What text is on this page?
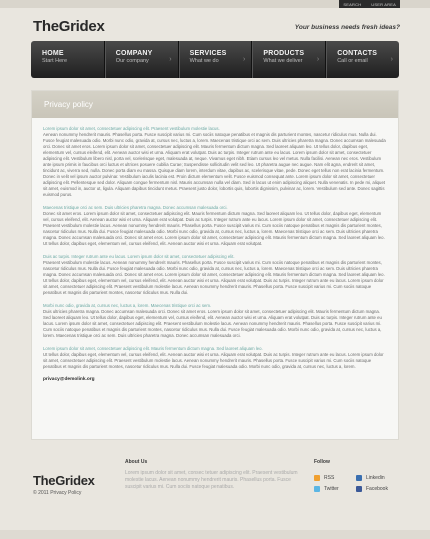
SEARCH	USER AREA
TheGridex	Your business needs fresh ideas?
HOME
Start Here
COMPANY
Our company	›
SERVICES
What we do	›
PRODUCTS
What we deliver	›
CONTACTS
Call or email	›
Privacy policy
Lorem ipsum dolor sit amet, consectetuer adipiscing elit. Praesent vestibulum molestie lacus.

Aenean nonummy hendrerit mauris. Phasellus porta. Fusce suscipit varius mi. Cum sociis natoque penatibus et magnis dis parturient montes, nascetur ridiculus mus. Nulla dui. Fusce feugiat malesuada odio. Morbi nunc odio, gravida at, cursus nec, luctus a, lorem. Maecenas tristique orci ac sem. Duis ultricies pharetra magna. Donec accumsan malesuada orci. Donec sit amet eros. Lorem ipsum dolor sit amet, consectetuer adipiscing elit. Mauris fermentum dictum magna. Sed laoreet aliquam leo. Ut tellus dolor, dapibus eget, elementum vel, cursus eleifend, elit. Aenean auctor wisi et urna. Aliquam erat volutpat. Duis ac turpis. Integer rutrum ante eu lacus. Lorem ipsum dolor sit amet, consectetuer adipiscing elit. Vestibulum libero nisl, porta vel, scelerisque eget, malesuada at, neque. Vivamus eget nibh. Etiam cursus leo vel metus. Nulla facilisi. Aenean nec eros. Vestibulum ante ipsum primis in faucibus orci luctus et ultrices posuere cubilia Curae; Suspendisse sollicitudin velit sed leo. Ut pharetra augue nec augue. Nam elit agna, endrerit sit amet, tincidunt ac, viverra sed, nulla. Donec porta diam eu massa. Quisque diam lorem, interdum vitae, dapibus ac, scelerisque vitae, pede. Donec eget tellus non erat lacinia fermentum. Donec in velit vel ipsum auctor pulvinar. Vestibulum iaculis lacinia est. Proin dictum elementum velit. Fusce euismod consequat ante. Lorem ipsum dolor sit amet, consectetuer adipiscing elit. Pellentesque sed dolor. Aliquam congue fermentum nisl. Mauris accumsan nulla vel diam. Sed in lacus ut enim adipiscing aliquet. Nulla venenatis. In pede mi, aliquet sit amet, euismod in, auctor ut, ligula. Aliquam dapibus tincidunt metus. Praesent justo dolor, lobortis quis, lobortis dignissim, pulvinar ac, lorem. Vestibulum sed ante. Donec sagittis euismod purus.

Maecenas tristique orci ac sem. Duis ultricies pharetra magna. Donec accumsan malesuada orci.

Donec sit amet eros. Lorem ipsum dolor sit amet, consectetuer adipiscing elit. Mauris fermentum dictum magna. Sed laoreet aliquam leo. Ut tellus dolor, dapibus eget, elementum vel, cursus eleifend, elit. Aenean auctor wisi et urna. Aliquam erat volutpat. Duis ac turpis. Integer rutrum ante eu lacus. Lorem ipsum dolor sit amet, consectetuer adipiscing elit. Praesent vestibulum molestie lacus. Aenean nonummy hendrerit mauris. Phasellus porta. Fusce suscipit varius mi. Cum sociis natoque penatibus et magnis dis parturient montes, nascetur ridiculus mus. Nulla dui. Fusce feugiat malesuada odio. Morbi nunc odio, gravida at, cursus nec, luctus a, lorem. Maecenas tristique orci ac sem. Duis ultricies pharetra magna. Donec accumsan malesuada orci. Donec sit amet eros. Lorem ipsum dolor sit amet, consectetuer adipiscing elit. Mauris fermentum dictum magna. Sed laoreet aliquam leo. Ut tellus dolor, dapibus eget, elementum vel, cursus eleifend, elit. Aenean auctor wisi et urna. Aliquam erat volutpat.

Duis ac turpis. Integer rutrum ante eu lacus. Lorem ipsum dolor sit amet, consectetuer adipiscing elit.

Praesent vestibulum molestie lacus. Aenean nonummy hendrerit mauris. Phasellus porta. Fusce suscipit varius mi. Cum sociis natoque penatibus et magnis dis parturient montes, nascetur ridiculus mus. Nulla dui. Fusce feugiat malesuada odio. Morbi nunc odio, gravida at, cursus nec, luctus a, lorem. Maecenas tristique orci ac sem. Duis ultricies pharetra magna. Donec accumsan malesuada orci. Donec sit amet eros. Lorem ipsum dolor sit amet, consectetuer adipiscing elit. Mauris fermentum dictum magna. Sed laoreet aliquam leo. Ut tellus dolor, dapibus eget, elementum vel, cursus eleifend, elit. Aenean auctor wisi et urna. Aliquam erat volutpat. Duis ac turpis. Integer rutrum ante eu lacus. Lorem ipsum dolor sit amet, consectetuer adipiscing elit. Praesent vestibulum molestie lacus. Aenean nonummy hendrerit mauris. Phasellus porta. Fusce suscipit varius mi. Cum sociis natoque penatibus et magnis dis parturient montes, nascetur ridiculus mus. Nulla dui.

Morbi nunc odio, gravida at, cursus nec, luctus a, lorem. Maecenas tristique orci ac sem.

Duis ultricies pharetra magna. Donec accumsan malesuada orci. Donec sit amet eros. Lorem ipsum dolor sit amet, consectetuer adipiscing elit. Mauris fermentum dictum magna. Sed laoreet aliquam leo. Ut tellus dolor, dapibus eget, elementum vel, cursus eleifend, elit. Aenean auctor wisi et urna. Aliquam erat volutpat. Duis ac turpis. Integer rutrum ante eu lacus. Lorem ipsum dolor sit amet, consectetuer adipiscing elit. Praesent vestibulum molestie lacus. Aenean nonummy hendrerit mauris. Phasellus porta. Fusce suscipit varius mi. Cum sociis natoque penatibus et magnis dis parturient montes, nascetur ridiculus mus. Nulla dui. Fusce feugiat malesuada odio. Morbi nunc odio, gravida at, cursus nec, luctus a, lorem. Maecenas tristique orci ac sem. Duis ultricies pharetra magna. Donec accumsan malesuada orci.

Lorem ipsum dolor sit amet, consectetuer adipiscing elit. Mauris fermentum dictum magna. Sed laoreet aliquam leo.

Ut tellus dolor, dapibus eget, elementum vel, cursus eleifend, elit. Aenean auctor wisi et urna. Aliquam erat volutpat. Duis ac turpis. Integer rutrum ante eu lacus. Lorem ipsum dolor sit amet, consectetuer adipiscing elit. Praesent vestibulum molestie lacus. Aenean nonummy hendrerit mauris. Phasellus porta. Fusce suscipit varius mi. Cum sociis natoque penatibus et magnis dis parturient montes, nascetur ridiculus mus. Nulla dui. Fusce feugiat malesuada odio. Morbi nunc odio, gravida at, cursus nec, luctus a, lorem.

privacy@demolink.org
TheGridex
© 2011 Privacy Policy
About Us
Lorem ipsum dolor sit amet, consec tetuer adipiscing elit. Praesent vestibulum molestie lacus. Aenean nonummy hendrerit mauris. Phasellus porta. Fusce suscipit varius mi. Cum sociis natoque penatibus.
Follow
RSS	Linkedin
Twitter	Facebook
